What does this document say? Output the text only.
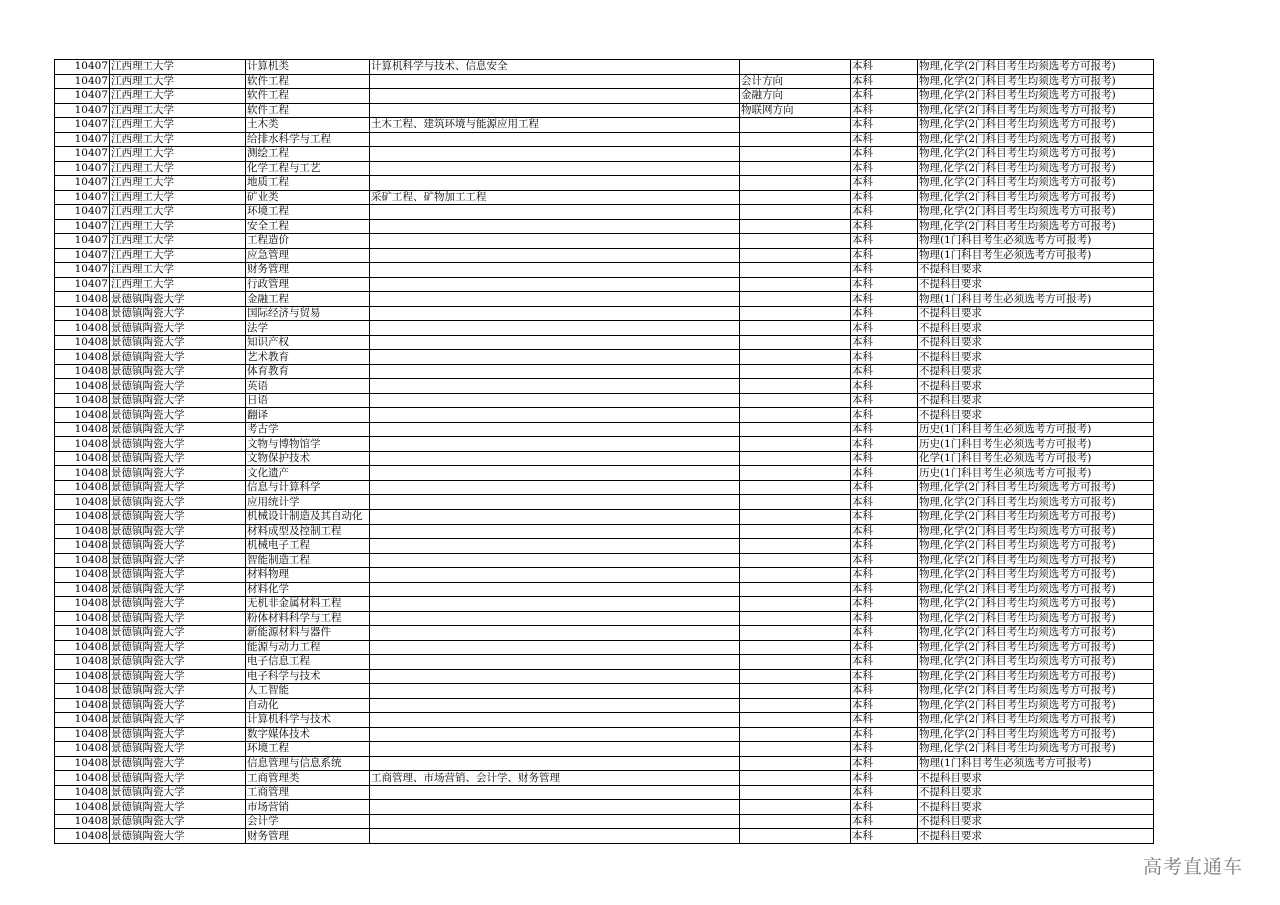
10407	江西理工大学	计算机类	计算机科学与技术、信息安全		本科	物理,化学(2门科目考生均须选考方可报考)
10407	江西理工大学	软件工程		会计方向	本科	物理,化学(2门科目考生均须选考方可报考)
10407	江西理工大学	软件工程		金融方向	本科	物理,化学(2门科目考生均须选考方可报考)
10407	江西理工大学	软件工程		物联网方向	本科	物理,化学(2门科目考生均须选考方可报考)
10407	江西理工大学	土木类	土木工程、建筑环境与能源应用工程		本科	物理,化学(2门科目考生均须选考方可报考)
10407	江西理工大学	给排水科学与工程			本科	物理,化学(2门科目考生均须选考方可报考)
10407	江西理工大学	测绘工程			本科	物理,化学(2门科目考生均须选考方可报考)
10407	江西理工大学	化学工程与工艺			本科	物理,化学(2门科目考生均须选考方可报考)
10407	江西理工大学	地质工程			本科	物理,化学(2门科目考生均须选考方可报考)
10407	江西理工大学	矿业类	采矿工程、矿物加工工程		本科	物理,化学(2门科目考生均须选考方可报考)
10407	江西理工大学	环境工程			本科	物理,化学(2门科目考生均须选考方可报考)
10407	江西理工大学	安全工程			本科	物理,化学(2门科目考生均须选考方可报考)
10407	江西理工大学	工程造价			本科	物理(1门科目考生必须选考方可报考)
10407	江西理工大学	应急管理			本科	物理(1门科目考生必须选考方可报考)
10407	江西理工大学	财务管理			本科	不提科目要求
10407	江西理工大学	行政管理			本科	不提科目要求
10408	景德镇陶瓷大学	金融工程			本科	物理(1门科目考生必须选考方可报考)
10408	景德镇陶瓷大学	国际经济与贸易			本科	不提科目要求
10408	景德镇陶瓷大学	法学			本科	不提科目要求
10408	景德镇陶瓷大学	知识产权			本科	不提科目要求
10408	景德镇陶瓷大学	艺术教育			本科	不提科目要求
10408	景德镇陶瓷大学	体育教育			本科	不提科目要求
10408	景德镇陶瓷大学	英语			本科	不提科目要求
10408	景德镇陶瓷大学	日语			本科	不提科目要求
10408	景德镇陶瓷大学	翻译			本科	不提科目要求
10408	景德镇陶瓷大学	考古学			本科	历史(1门科目考生必须选考方可报考)
10408	景德镇陶瓷大学	文物与博物馆学			本科	历史(1门科目考生必须选考方可报考)
10408	景德镇陶瓷大学	文物保护技术			本科	化学(1门科目考生必须选考方可报考)
10408	景德镇陶瓷大学	文化遗产			本科	历史(1门科目考生必须选考方可报考)
10408	景德镇陶瓷大学	信息与计算科学			本科	物理,化学(2门科目考生均须选考方可报考)
10408	景德镇陶瓷大学	应用统计学			本科	物理,化学(2门科目考生均须选考方可报考)
10408	景德镇陶瓷大学	机械设计制造及其自动化			本科	物理,化学(2门科目考生均须选考方可报考)
10408	景德镇陶瓷大学	材料成型及控制工程			本科	物理,化学(2门科目考生均须选考方可报考)
10408	景德镇陶瓷大学	机械电子工程			本科	物理,化学(2门科目考生均须选考方可报考)
10408	景德镇陶瓷大学	智能制造工程			本科	物理,化学(2门科目考生均须选考方可报考)
10408	景德镇陶瓷大学	材料物理			本科	物理,化学(2门科目考生均须选考方可报考)
10408	景德镇陶瓷大学	材料化学			本科	物理,化学(2门科目考生均须选考方可报考)
10408	景德镇陶瓷大学	无机非金属材料工程			本科	物理,化学(2门科目考生均须选考方可报考)
10408	景德镇陶瓷大学	粉体材料科学与工程			本科	物理,化学(2门科目考生均须选考方可报考)
10408	景德镇陶瓷大学	新能源材料与器件			本科	物理,化学(2门科目考生均须选考方可报考)
10408	景德镇陶瓷大学	能源与动力工程			本科	物理,化学(2门科目考生均须选考方可报考)
10408	景德镇陶瓷大学	电子信息工程			本科	物理,化学(2门科目考生均须选考方可报考)
10408	景德镇陶瓷大学	电子科学与技术			本科	物理,化学(2门科目考生均须选考方可报考)
10408	景德镇陶瓷大学	人工智能			本科	物理,化学(2门科目考生均须选考方可报考)
10408	景德镇陶瓷大学	自动化			本科	物理,化学(2门科目考生均须选考方可报考)
10408	景德镇陶瓷大学	计算机科学与技术			本科	物理,化学(2门科目考生均须选考方可报考)
10408	景德镇陶瓷大学	数字媒体技术			本科	物理,化学(2门科目考生均须选考方可报考)
10408	景德镇陶瓷大学	环境工程			本科	物理,化学(2门科目考生均须选考方可报考)
10408	景德镇陶瓷大学	信息管理与信息系统			本科	物理(1门科目考生必须选考方可报考)
10408	景德镇陶瓷大学	工商管理类	工商管理、市场营销、会计学、财务管理		本科	不提科目要求
10408	景德镇陶瓷大学	工商管理			本科	不提科目要求
10408	景德镇陶瓷大学	市场营销			本科	不提科目要求
10408	景德镇陶瓷大学	会计学			本科	不提科目要求
10408	景德镇陶瓷大学	财务管理			本科	不提科目要求
高考直通车
